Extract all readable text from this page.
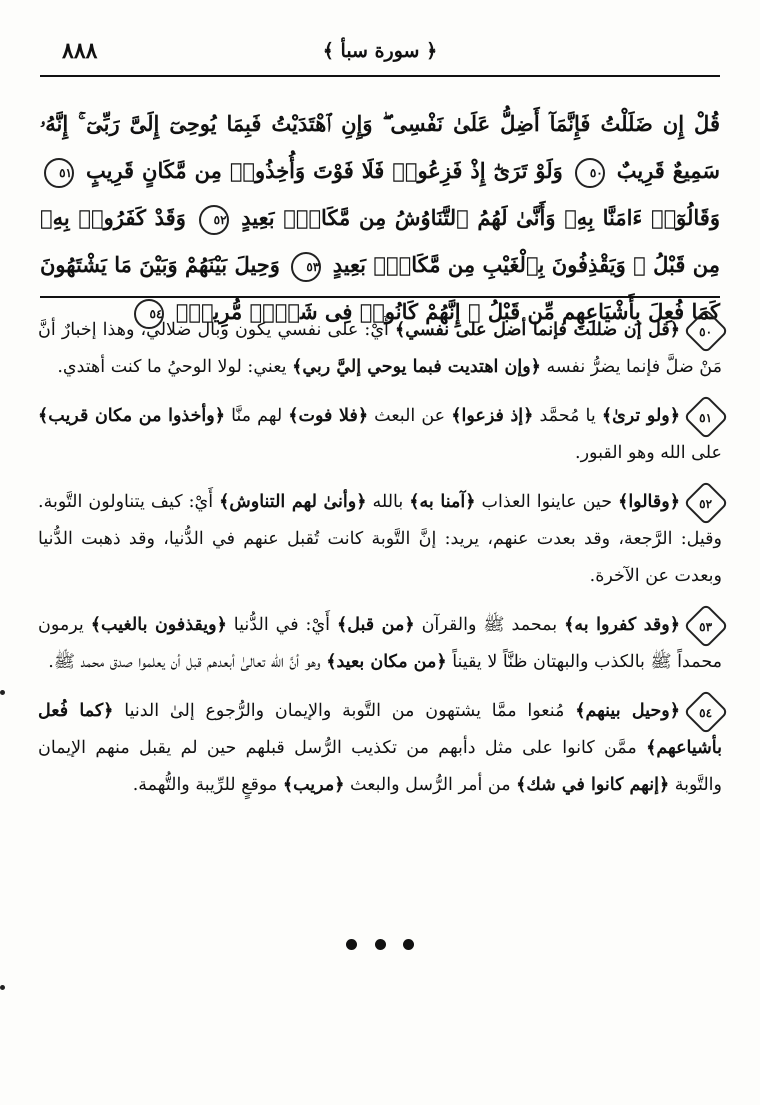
٨٨٨	﴿ سورة سبأ ﴾
قُلْ إِن ضَلَلْتُ فَإِنَّمَآ أَضِلُّ عَلَىٰ نَفْسِى ۖ وَإِنِ ٱهْتَدَيْتُ فَبِمَا يُوحِىٓ إِلَىَّ رَبِّىٓ ۚ إِنَّهُۥ سَمِيعٌ قَرِيبٌ ٥٠ وَلَوْ تَرَىٰٓ إِذْ فَزِعُوا۟ فَلَا فَوْتَ وَأُخِذُوا۟ مِن مَّكَانٍ قَرِيبٍ ٥١ وَقَالُوٓا۟ ءَامَنَّا بِهِۦ وَأَنَّىٰ لَهُمُ ٱلتَّنَاوُشُ مِن مَّكَانٍۭ بَعِيدٍ ٥٢ وَقَدْ كَفَرُوا۟ بِهِۦ مِن قَبْلُ ۖ وَيَقْذِفُونَ بِٱلْغَيْبِ مِن مَّكَانٍۭ بَعِيدٍ ٥٣ وَحِيلَ بَيْنَهُمْ وَبَيْنَ مَا يَشْتَهُونَ كَمَا فُعِلَ بِأَشْيَاعِهِم مِّن قَبْلُ ۚ إِنَّهُمْ كَانُوا۟ فِى شَكٍّۭ مُّرِيبٍۭ ٥٤

٥٠﴿قل إن ضللت فإنما أضل على نفسي﴾ أَيْ: على نفسي يكون وبال ضلالي، وهذا إخبارٌ أنَّ مَنْ ضلَّ فإنما يضرُّ نفسه ﴿وإن اهتديت فبما يوحي إليَّ ربي﴾ يعني: لولا الوحيُ ما كنت أهتدي.

٥١﴿ولو ترىٰ﴾ يا مُحمَّد ﴿إذ فزعوا﴾ عن البعث ﴿فلا فوت﴾ لهم منَّا ﴿وأخذوا من مكان قريب﴾ على الله وهو القبور.

٥٢﴿وقالوا﴾ حين عاينوا العذاب ﴿آمنا به﴾ بالله ﴿وأنىٰ لهم التناوش﴾ أَيْ: كيف يتناولون التَّوبة. وقيل: الرَّجعة، وقد بعدت عنهم، يريد: إنَّ التَّوبة كانت تُقبل عنهم في الدُّنيا، وقد ذهبت الدُّنيا وبعدت عن الآخرة.

٥٣﴿وقد كفروا به﴾ بمحمد ﷺ والقرآن ﴿من قبل﴾ أَيْ: في الدُّنيا ﴿ويقذفون بالغيب﴾ يرمون محمداً ﷺ بالكذب والبهتان ظنَّاً لا يقيناً ﴿من مكان بعيد﴾ وهو أنَّ الله تعالىٰ أبعدهم قبل أن يعلموا صدق محمد ﷺ.

٥٤﴿وحيل بينهم﴾ مُنعوا ممَّا يشتهون من التَّوبة والإيمان والرُّجوع إلىٰ الدنيا ﴿كما فُعل بأشياعهم﴾ ممَّن كانوا على مثل دأبهم من تكذيب الرُّسل قبلهم حين لم يقبل منهم الإيمان والتَّوبة ﴿إنهم كانوا في شك﴾ من أمر الرُّسل والبعث ﴿مريب﴾ موقعٍ للرِّيبة والتُّهمة.
